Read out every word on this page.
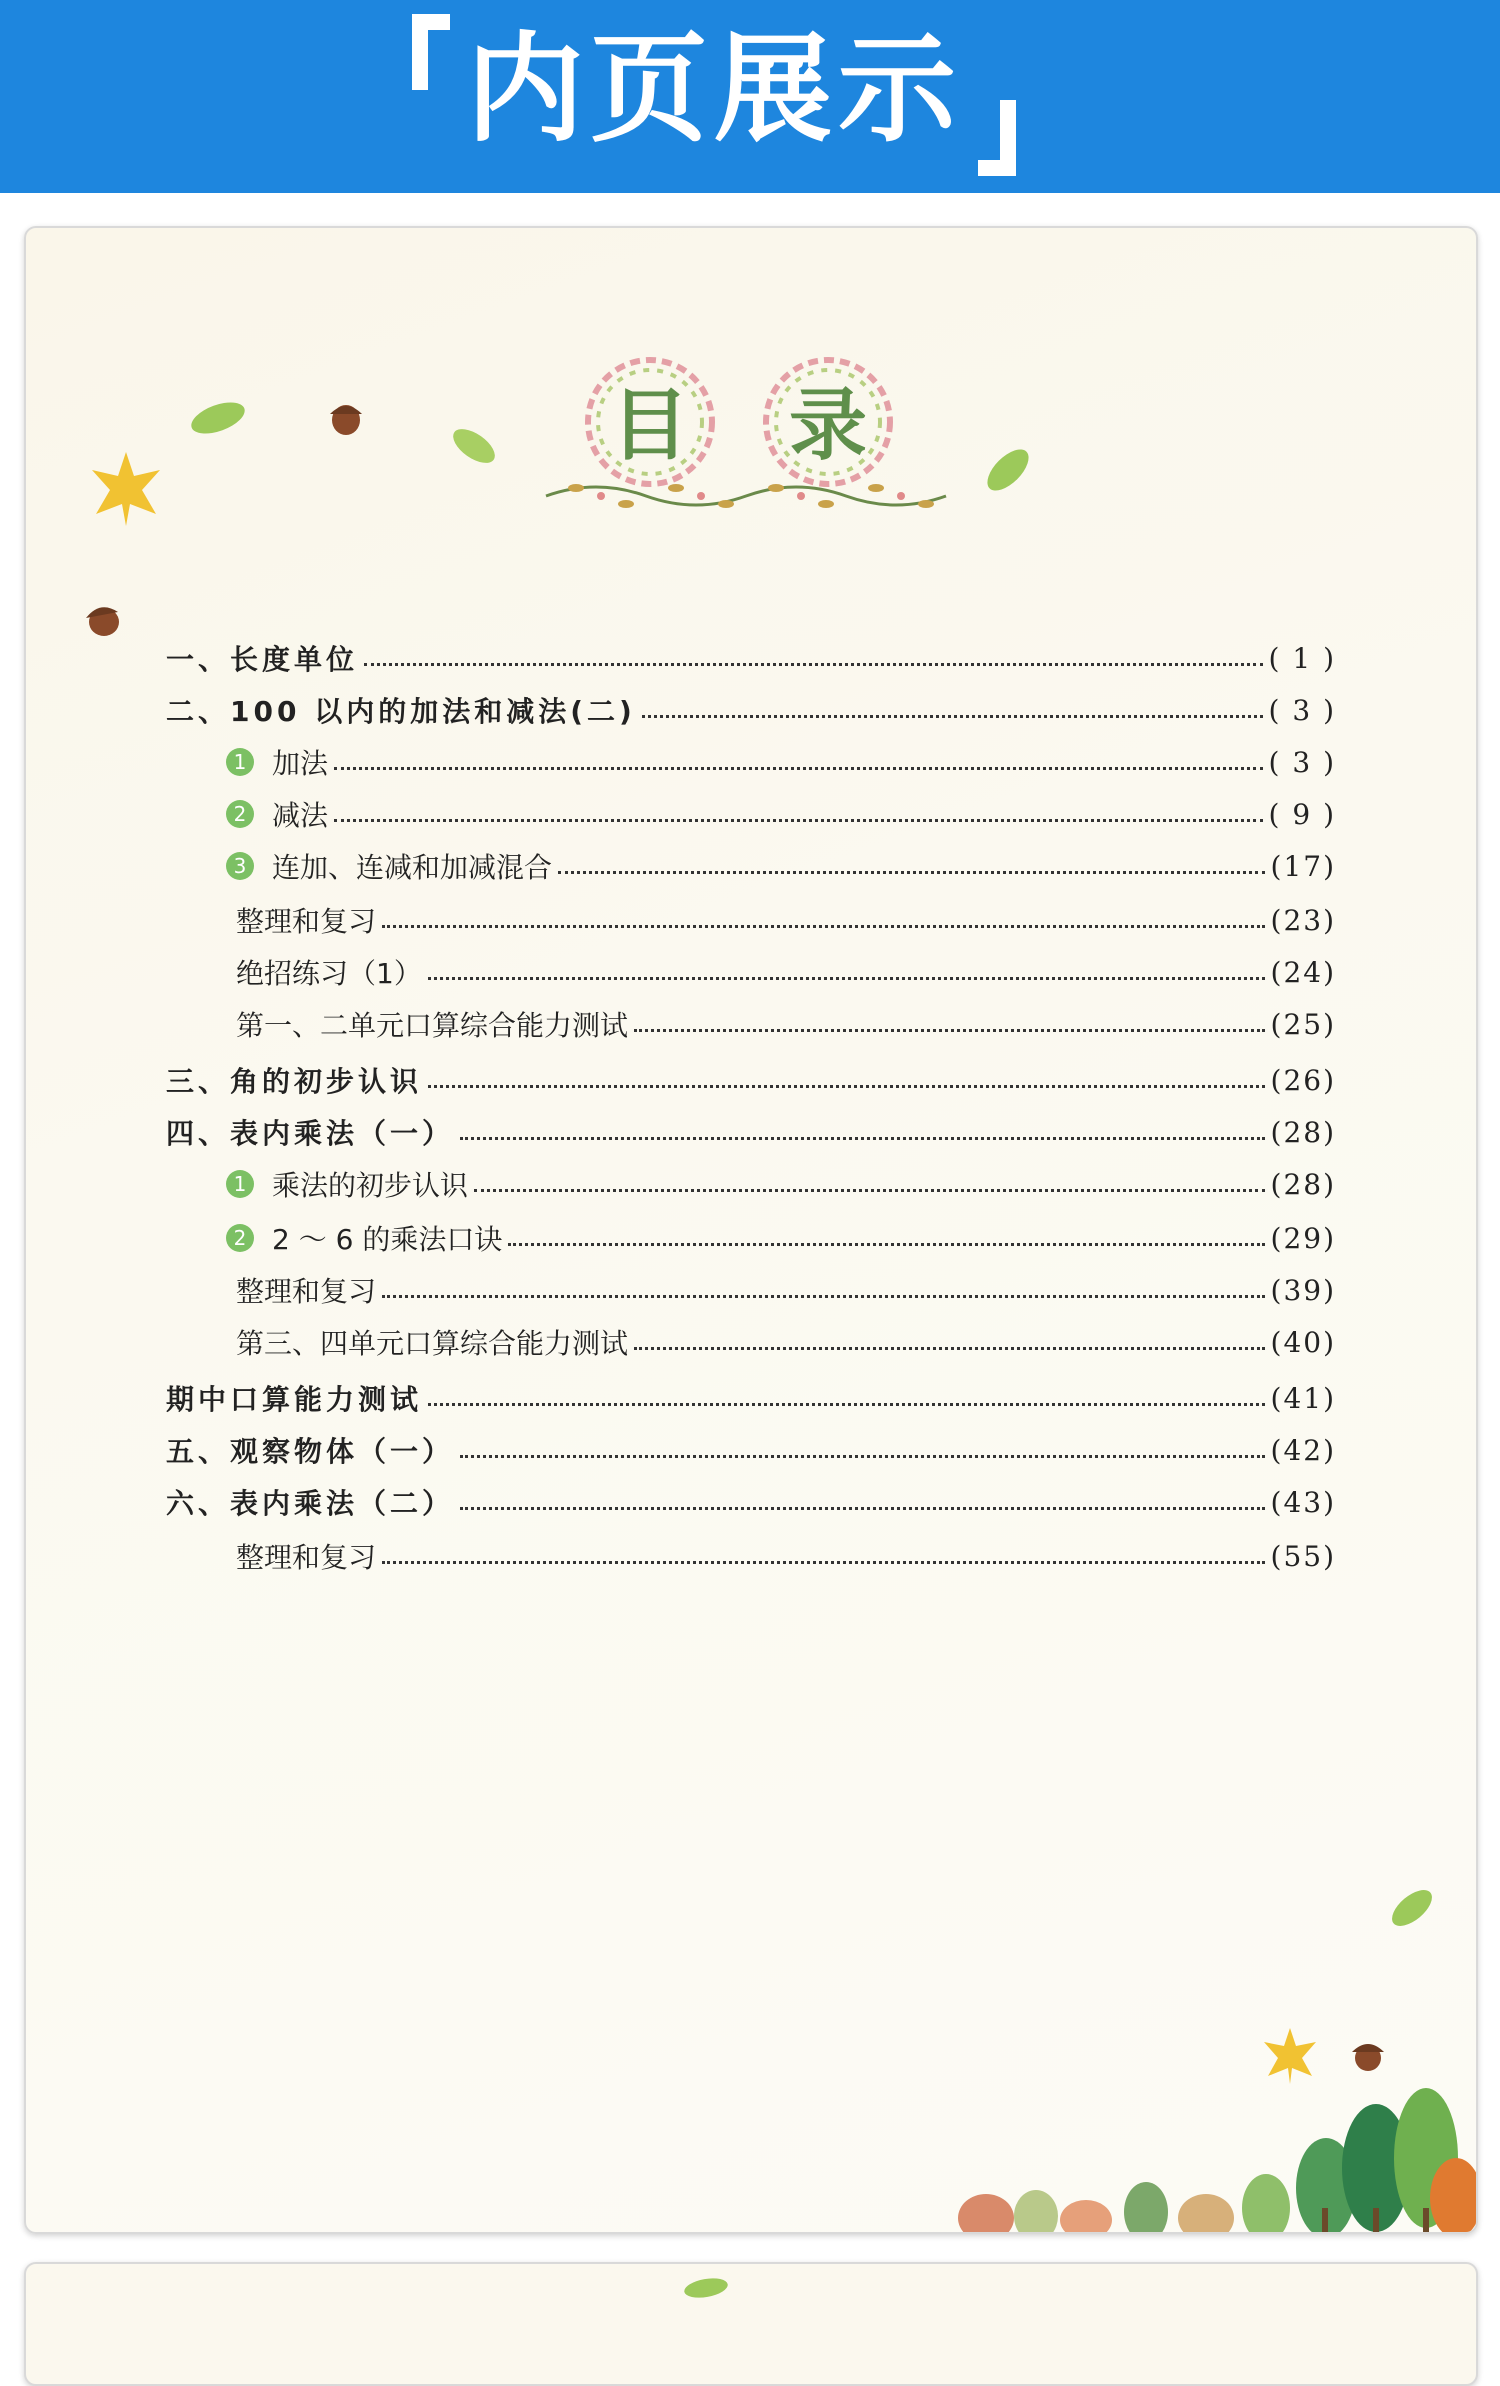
内页展示
目 录
一、长度单位	( 1 )
二、100 以内的加法和减法(二)	( 3 )
1 加法	( 3 )
2 减法	( 9 )
3 连加、连减和加减混合	(17)
整理和复习	(23)
绝招练习（1）	(24)
第一、二单元口算综合能力测试	(25)
三、角的初步认识	(26)
四、表内乘法（一）	(28)
1 乘法的初步认识	(28)
2 2 ～ 6 的乘法口诀	(29)
整理和复习	(39)
第三、四单元口算综合能力测试	(40)
期中口算能力测试	(41)
五、观察物体（一）	(42)
六、表内乘法（二）	(43)
整理和复习	(55)
